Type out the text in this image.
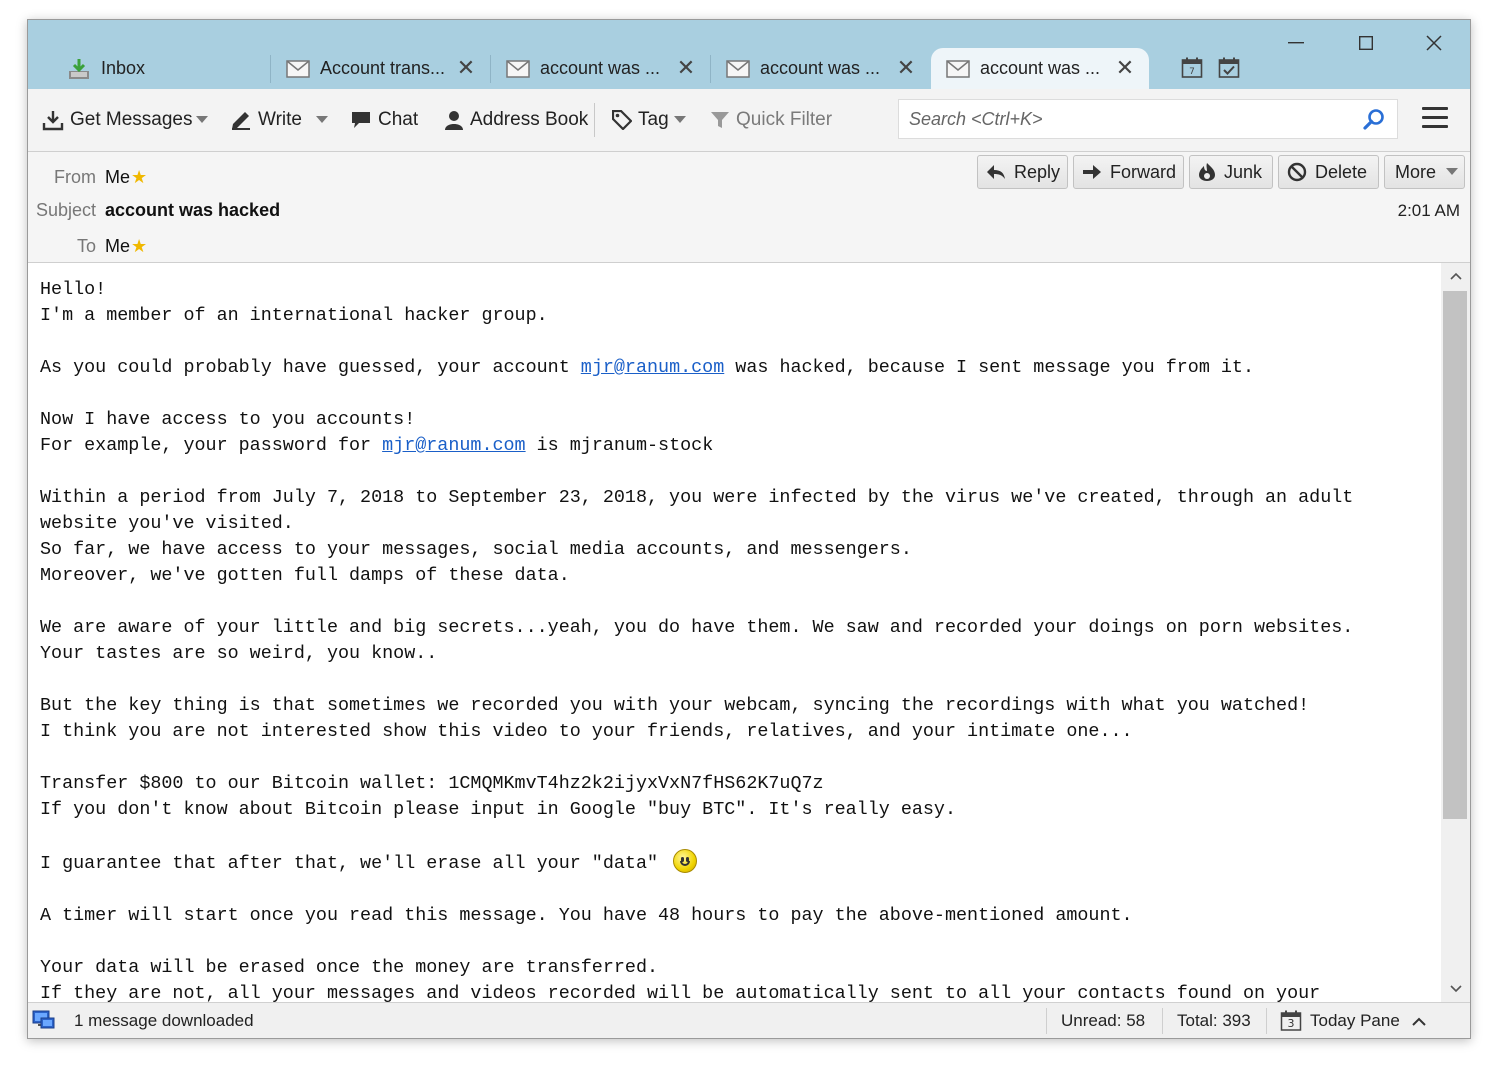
Inbox	Account trans... ✕	account was ... ✕	account was ... ✕	account was ... ✕	7
Get Messages	Write	Chat	Address Book	Tag	Quick Filter
Search <Ctrl+K>
From Me★
Subject account was hacked
To Me★
Reply	Forward	Junk	Delete More
2:01 AM
Hello!
I'm a member of an international hacker group.

As you could probably have guessed, your account mjr@ranum.com was hacked, because I sent message you from it.

Now I have access to you accounts!
For example, your password for mjr@ranum.com is mjranum-stock

Within a period from July 7, 2018 to September 23, 2018, you were infected by the virus we've created, through an adult
website you've visited.
So far, we have access to your messages, social media accounts, and messengers.
Moreover, we've gotten full damps of these data.

We are aware of your little and big secrets...yeah, you do have them. We saw and recorded your doings on porn websites.
Your tastes are so weird, you know..

But the key thing is that sometimes we recorded you with your webcam, syncing the recordings with what you watched!
I think you are not interested show this video to your friends, relatives, and your intimate one...

Transfer $800 to our Bitcoin wallet: 1CMQMKmvT4hz2k2ijyxVxN7fHS62K7uQ7z
If you don't know about Bitcoin please input in Google "buy BTC". It's really easy.

I guarantee that after that, we'll erase all your "data"

A timer will start once you read this message. You have 48 hours to pay the above-mentioned amount.

Your data will be erased once the money are transferred.
If they are not, all your messages and videos recorded will be automatically sent to all your contacts found on your
1 message downloaded	Unread: 58 Total: 393	3 Today Pane
